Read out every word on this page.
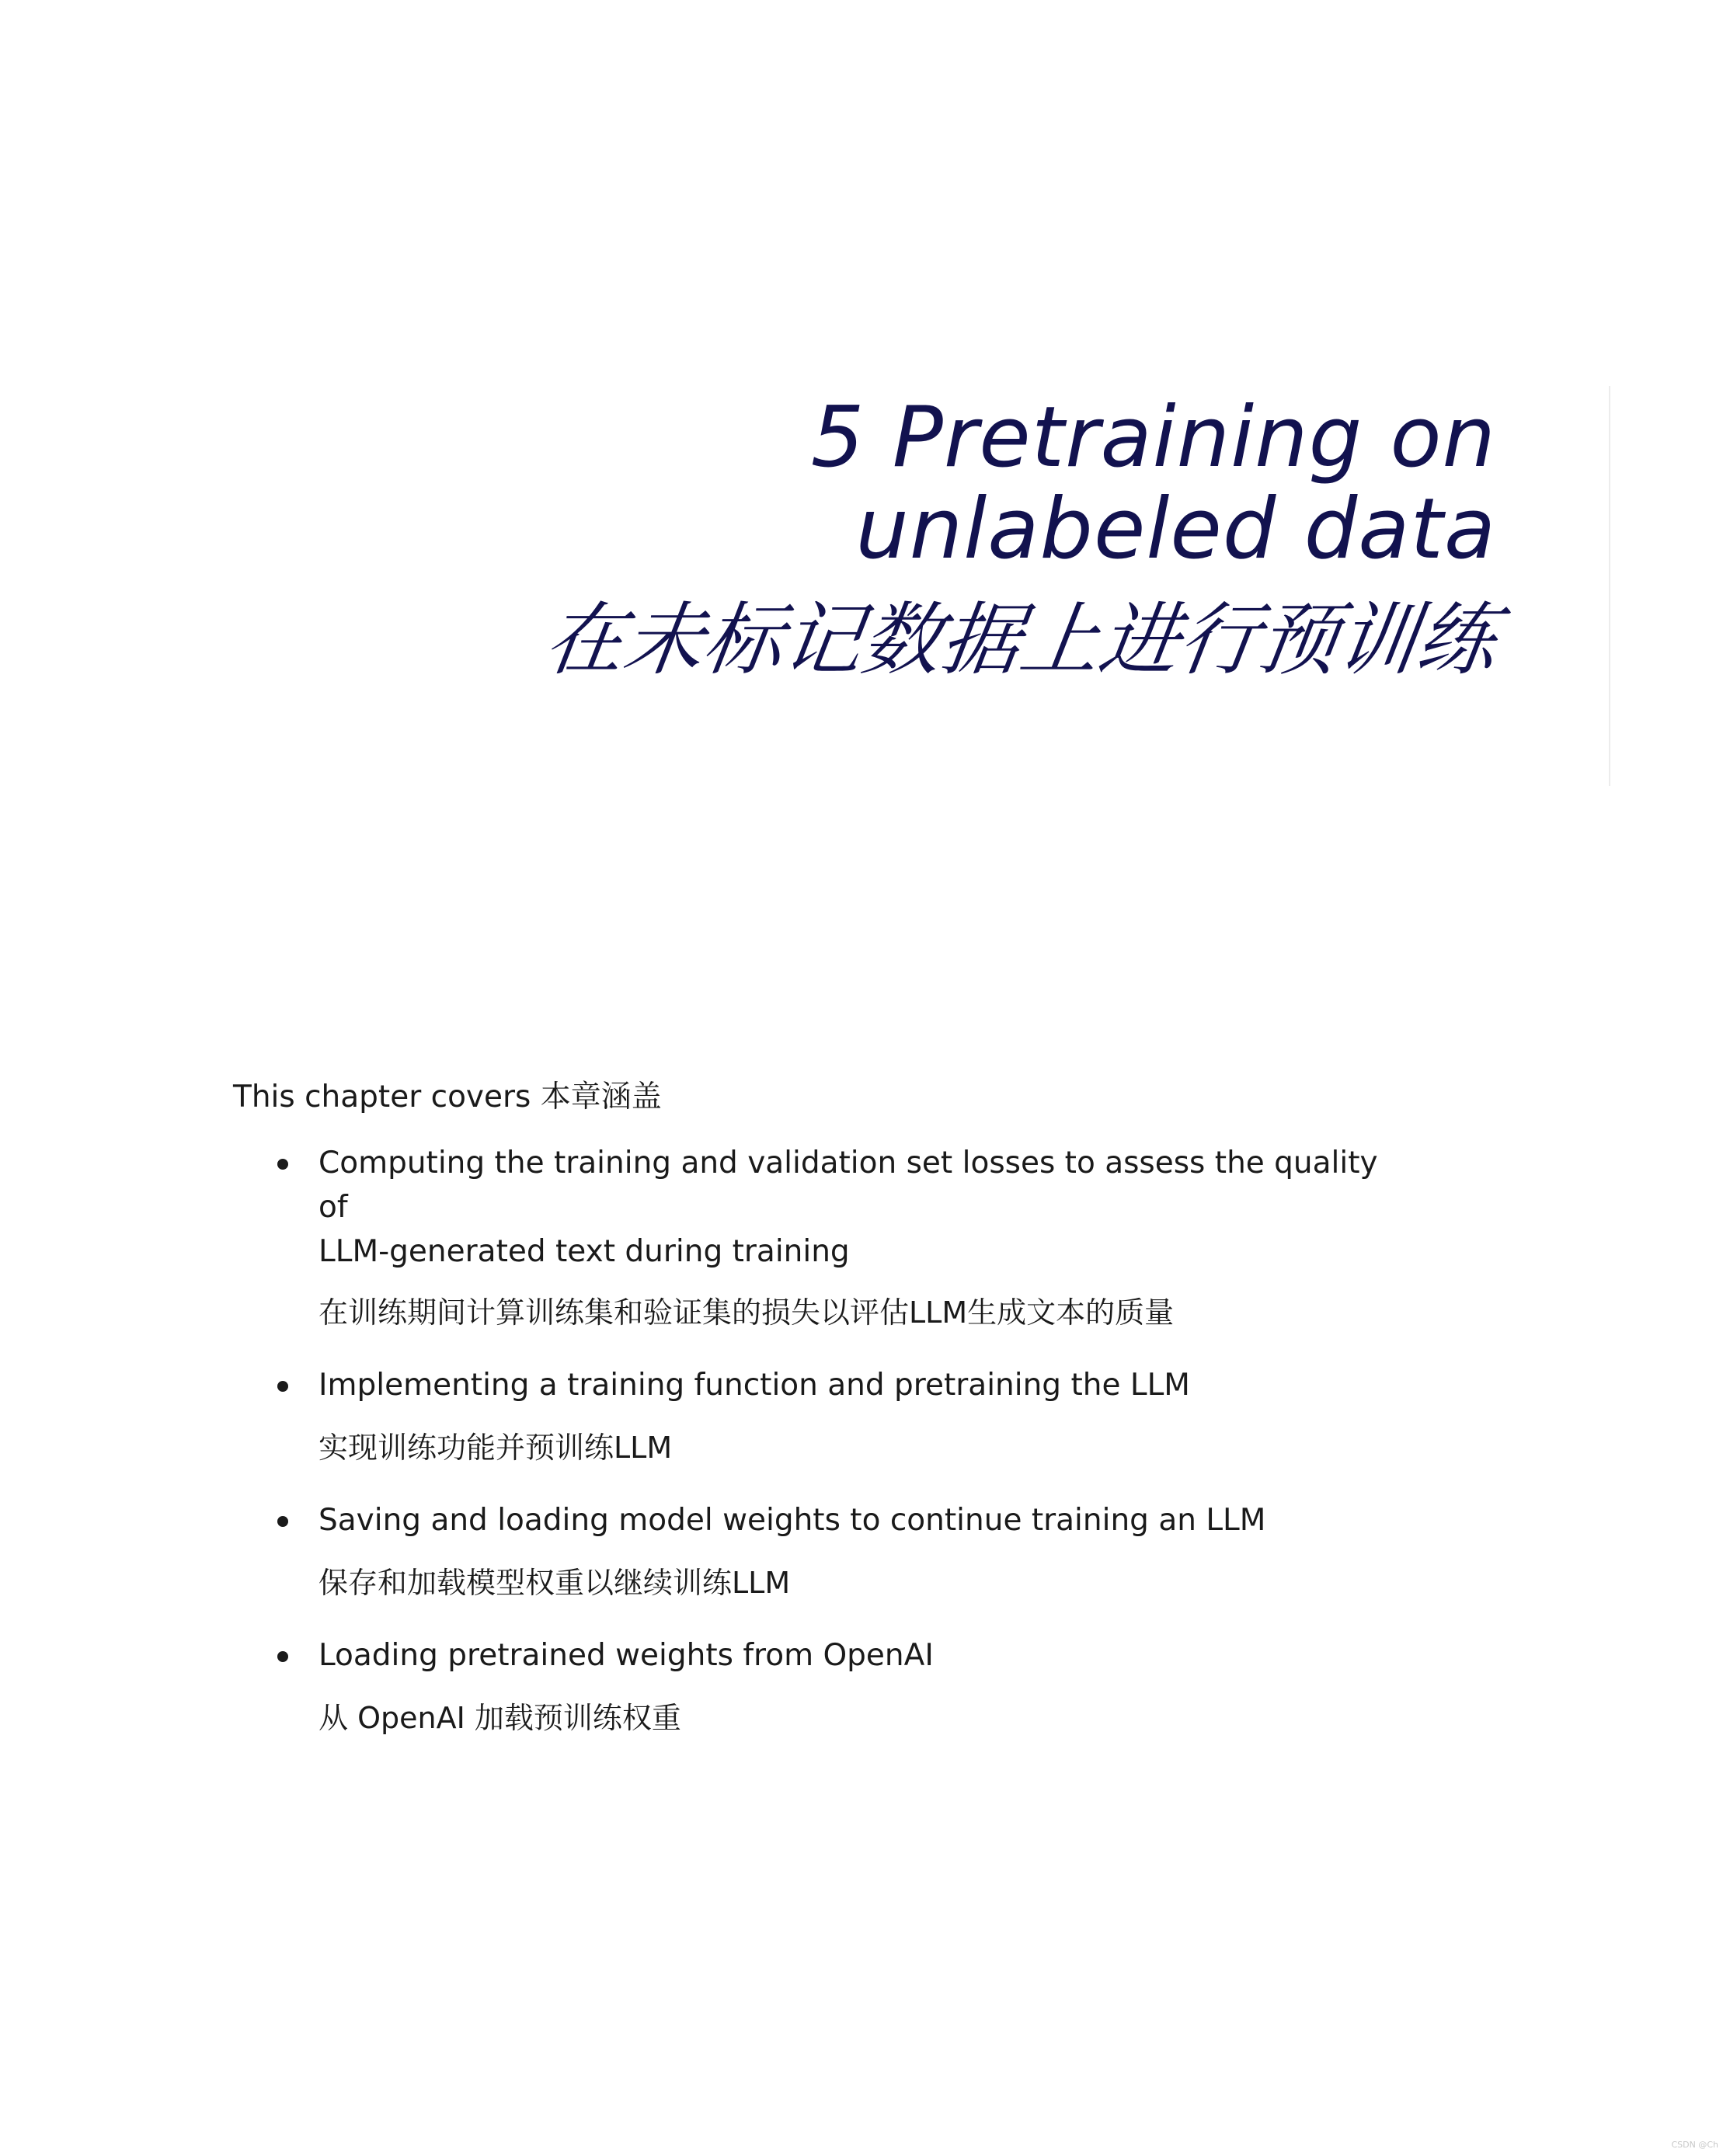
5 Pretraining on
unlabeled data
在未标记数据上进行预训练
This chapter covers 本章涵盖
Computing the training and validation set losses to assess the quality of
LLM-generated text during training
在训练期间计算训练集和验证集的损失以评估LLM生成文本的质量
Implementing a training function and pretraining the LLM
实现训练功能并预训练LLM
Saving and loading model weights to continue training an LLM
保存和加载模型权重以继续训练LLM
Loading pretrained weights from OpenAI
从 OpenAI 加载预训练权重
CSDN @Ch
